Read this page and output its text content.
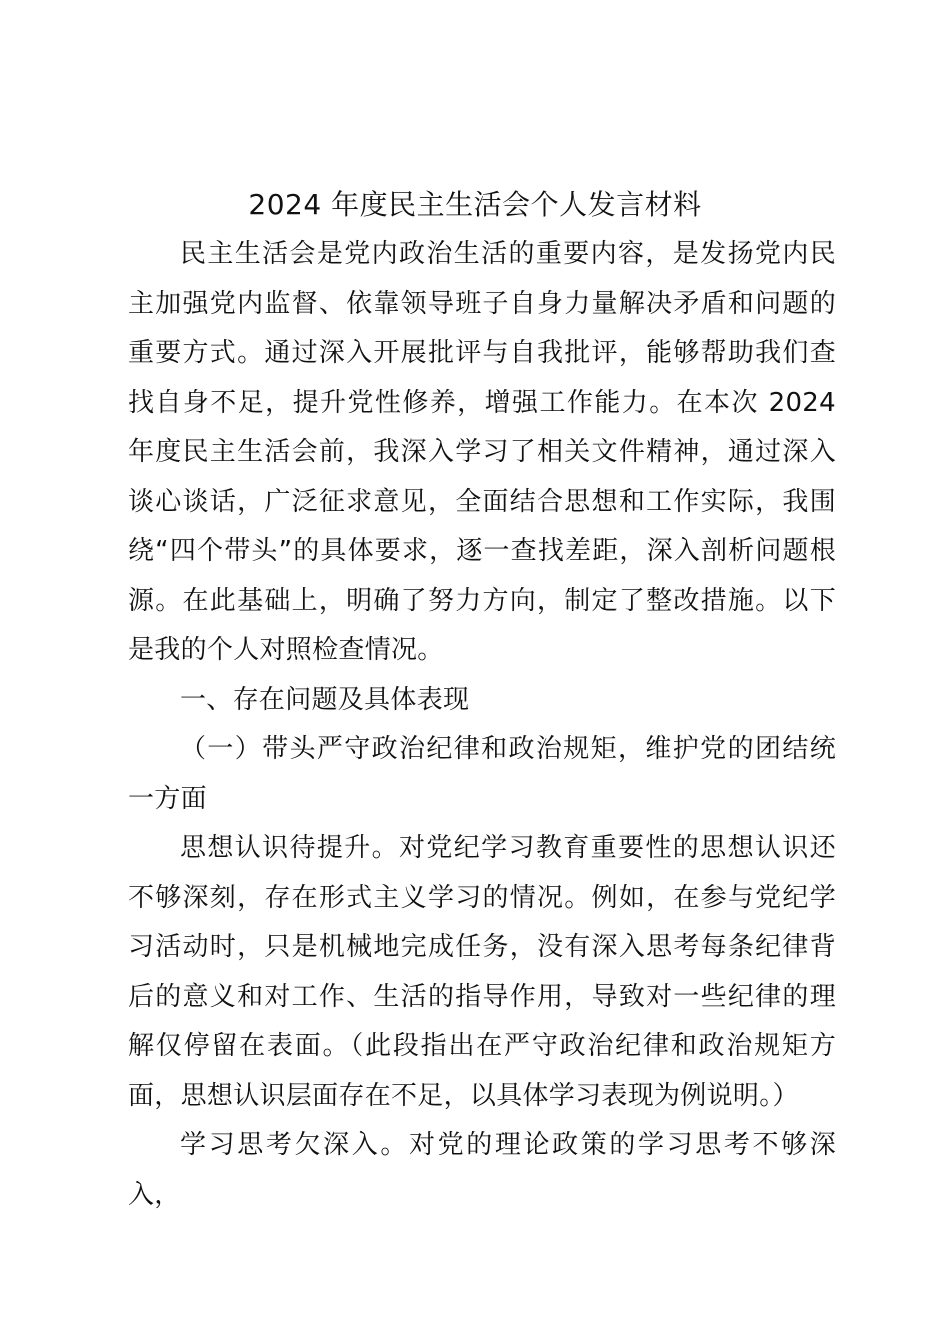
2024 年度民主生活会个人发言材料

民主生活会是党内政治生活的重要内容，是发扬党内民主加强党内监督、依靠领导班子自身力量解决矛盾和问题的重要方式。通过深入开展批评与自我批评，能够帮助我们查找自身不足，提升党性修养，增强工作能力。在本次 2024 年度民主生活会前，我深入学习了相关文件精神，通过深入谈心谈话，广泛征求意见，全面结合思想和工作实际，我围绕“四个带头”的具体要求，逐一查找差距，深入剖析问题根源。在此基础上，明确了努力方向，制定了整改措施。以下是我的个人对照检查情况。

一、存在问题及具体表现

（一）带头严守政治纪律和政治规矩，维护党的团结统一方面

思想认识待提升。对党纪学习教育重要性的思想认识还不够深刻，存在形式主义学习的情况。例如，在参与党纪学习活动时，只是机械地完成任务，没有深入思考每条纪律背后的意义和对工作、生活的指导作用，导致对一些纪律的理解仅停留在表面。（此段指出在严守政治纪律和政治规矩方面，思想认识层面存在不足，以具体学习表现为例说明。）

学习思考欠深入。对党的理论政策的学习思考不够深入，
